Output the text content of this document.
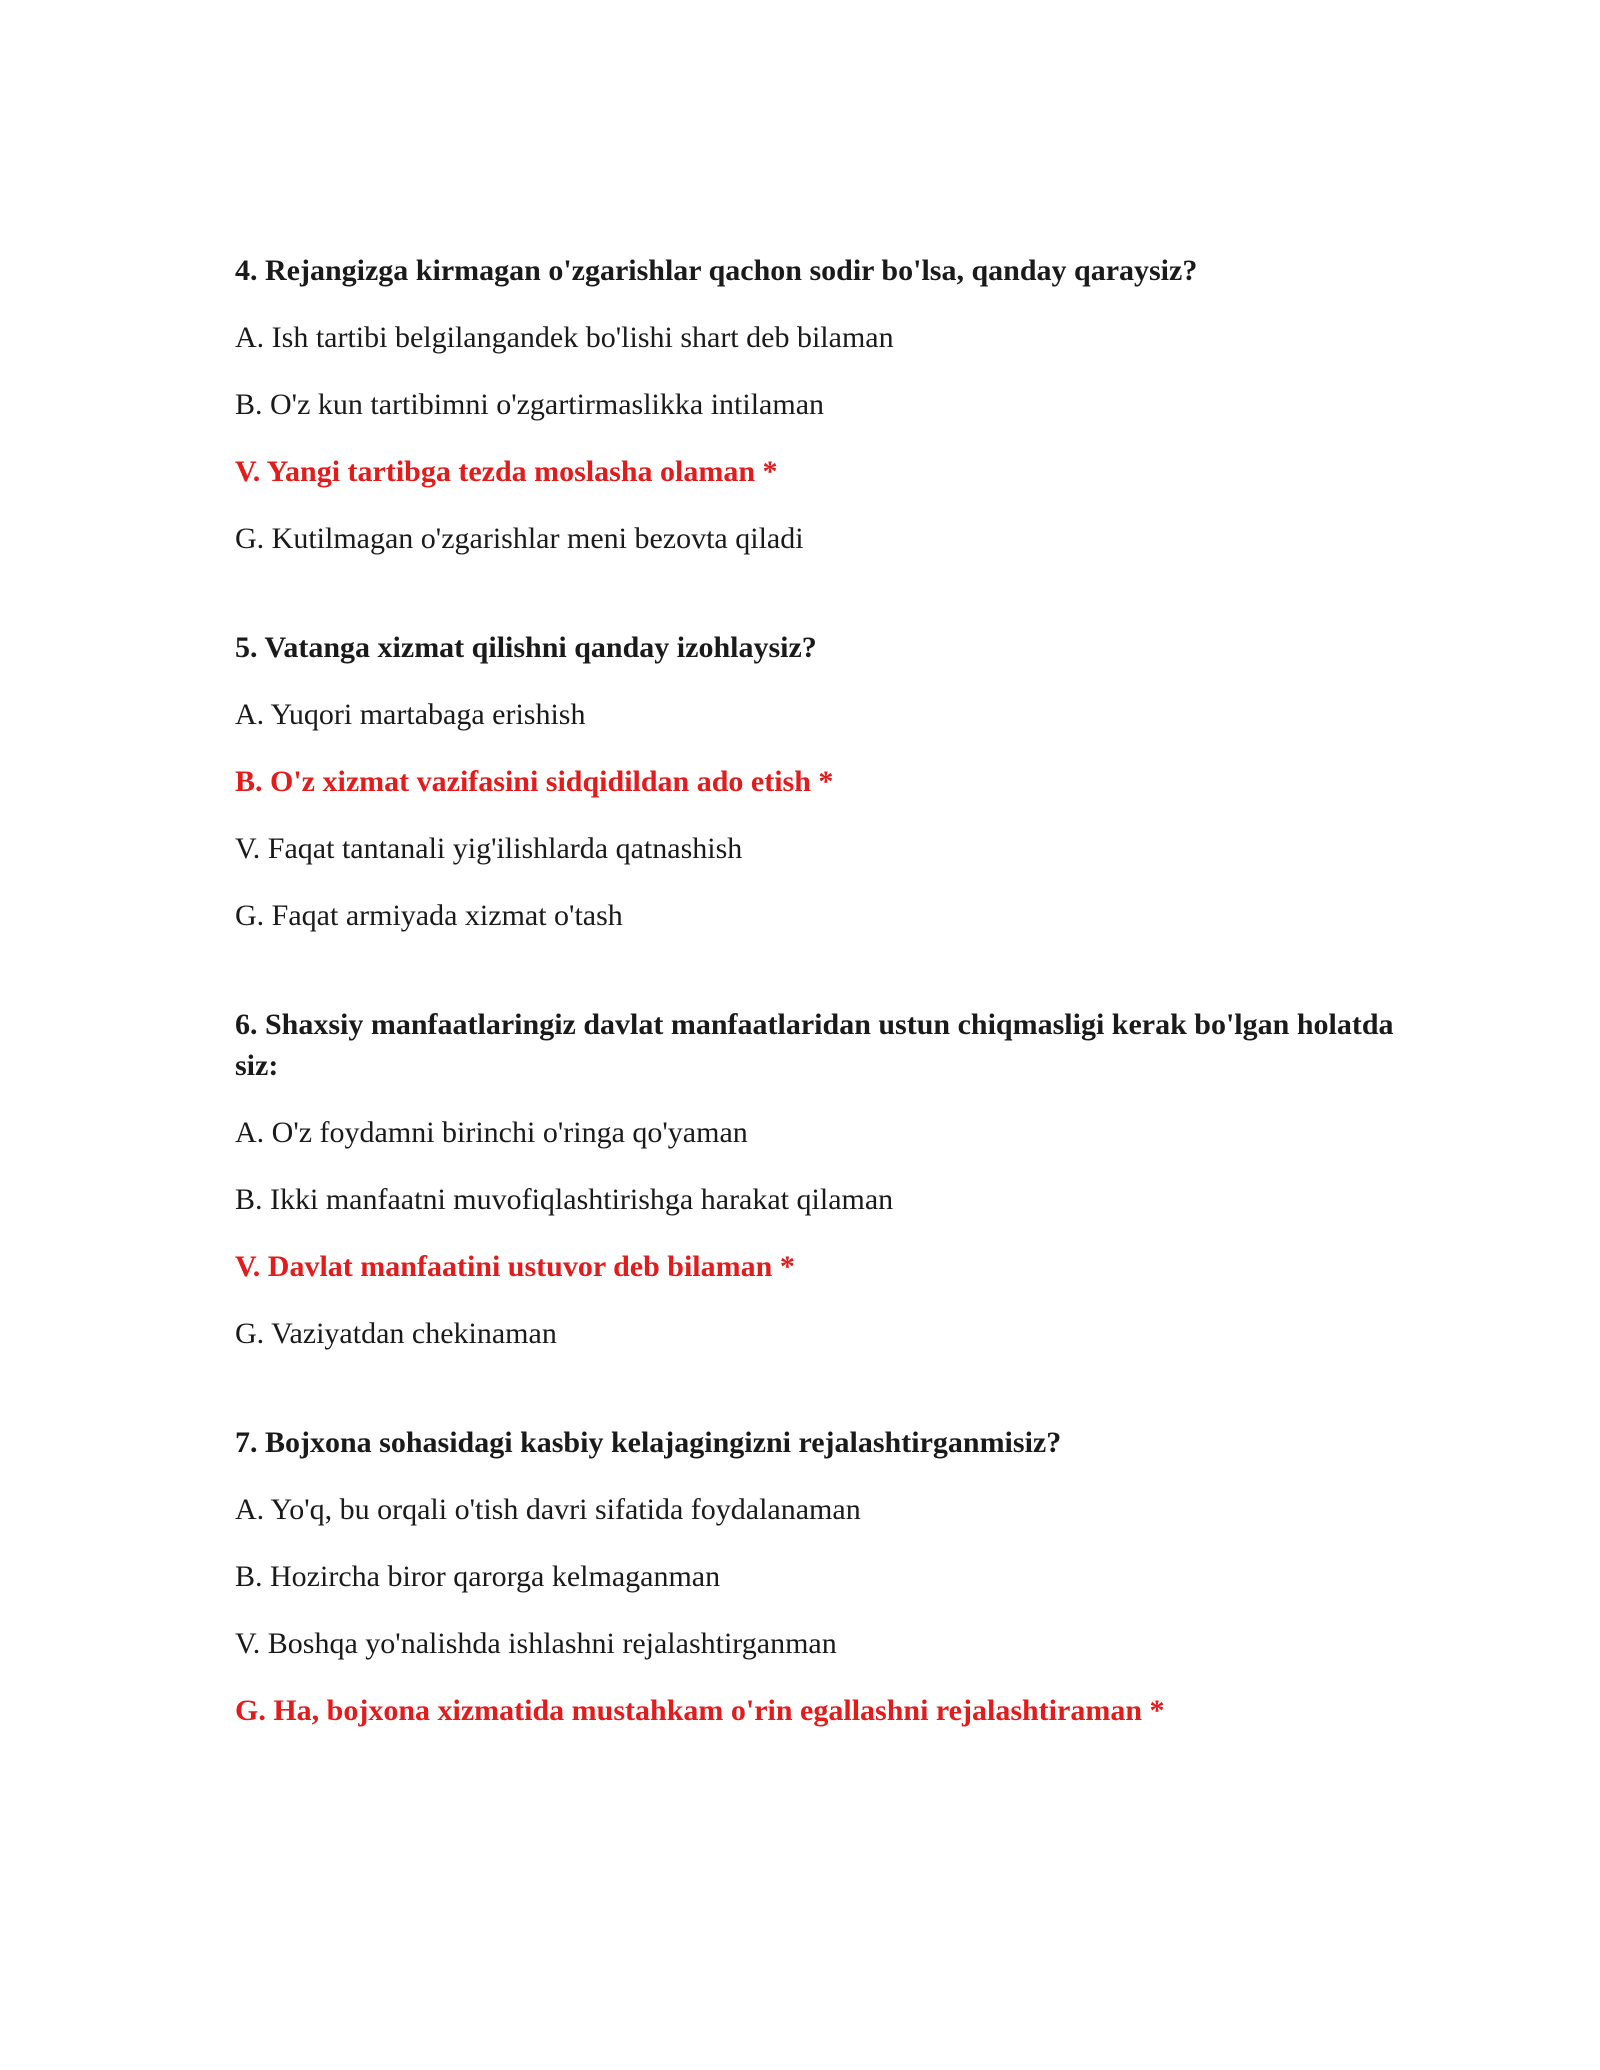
4. Rejangizga kirmagan o'zgarishlar qachon sodir bo'lsa, qanday qaraysiz?

A. Ish tartibi belgilangandek bo'lishi shart deb bilaman

B. O'z kun tartibimni o'zgartirmaslikka intilaman

V. Yangi tartibga tezda moslasha olaman *

G. Kutilmagan o'zgarishlar meni bezovta qiladi

5. Vatanga xizmat qilishni qanday izohlaysiz?

A. Yuqori martabaga erishish

B. O'z xizmat vazifasini sidqidildan ado etish *

V. Faqat tantanali yig'ilishlarda qatnashish

G. Faqat armiyada xizmat o'tash

6. Shaxsiy manfaatlaringiz davlat manfaatlaridan ustun chiqmasligi kerak bo'lgan holatda siz:

A. O'z foydamni birinchi o'ringa qo'yaman

B. Ikki manfaatni muvofiqlashtirishga harakat qilaman

V. Davlat manfaatini ustuvor deb bilaman *

G. Vaziyatdan chekinaman

7. Bojxona sohasidagi kasbiy kelajagingizni rejalashtirganmisiz?

A. Yo'q, bu orqali o'tish davri sifatida foydalanaman

B. Hozircha biror qarorga kelmaganman

V. Boshqa yo'nalishda ishlashni rejalashtirganman

G. Ha, bojxona xizmatida mustahkam o'rin egallashni rejalashtiraman *
